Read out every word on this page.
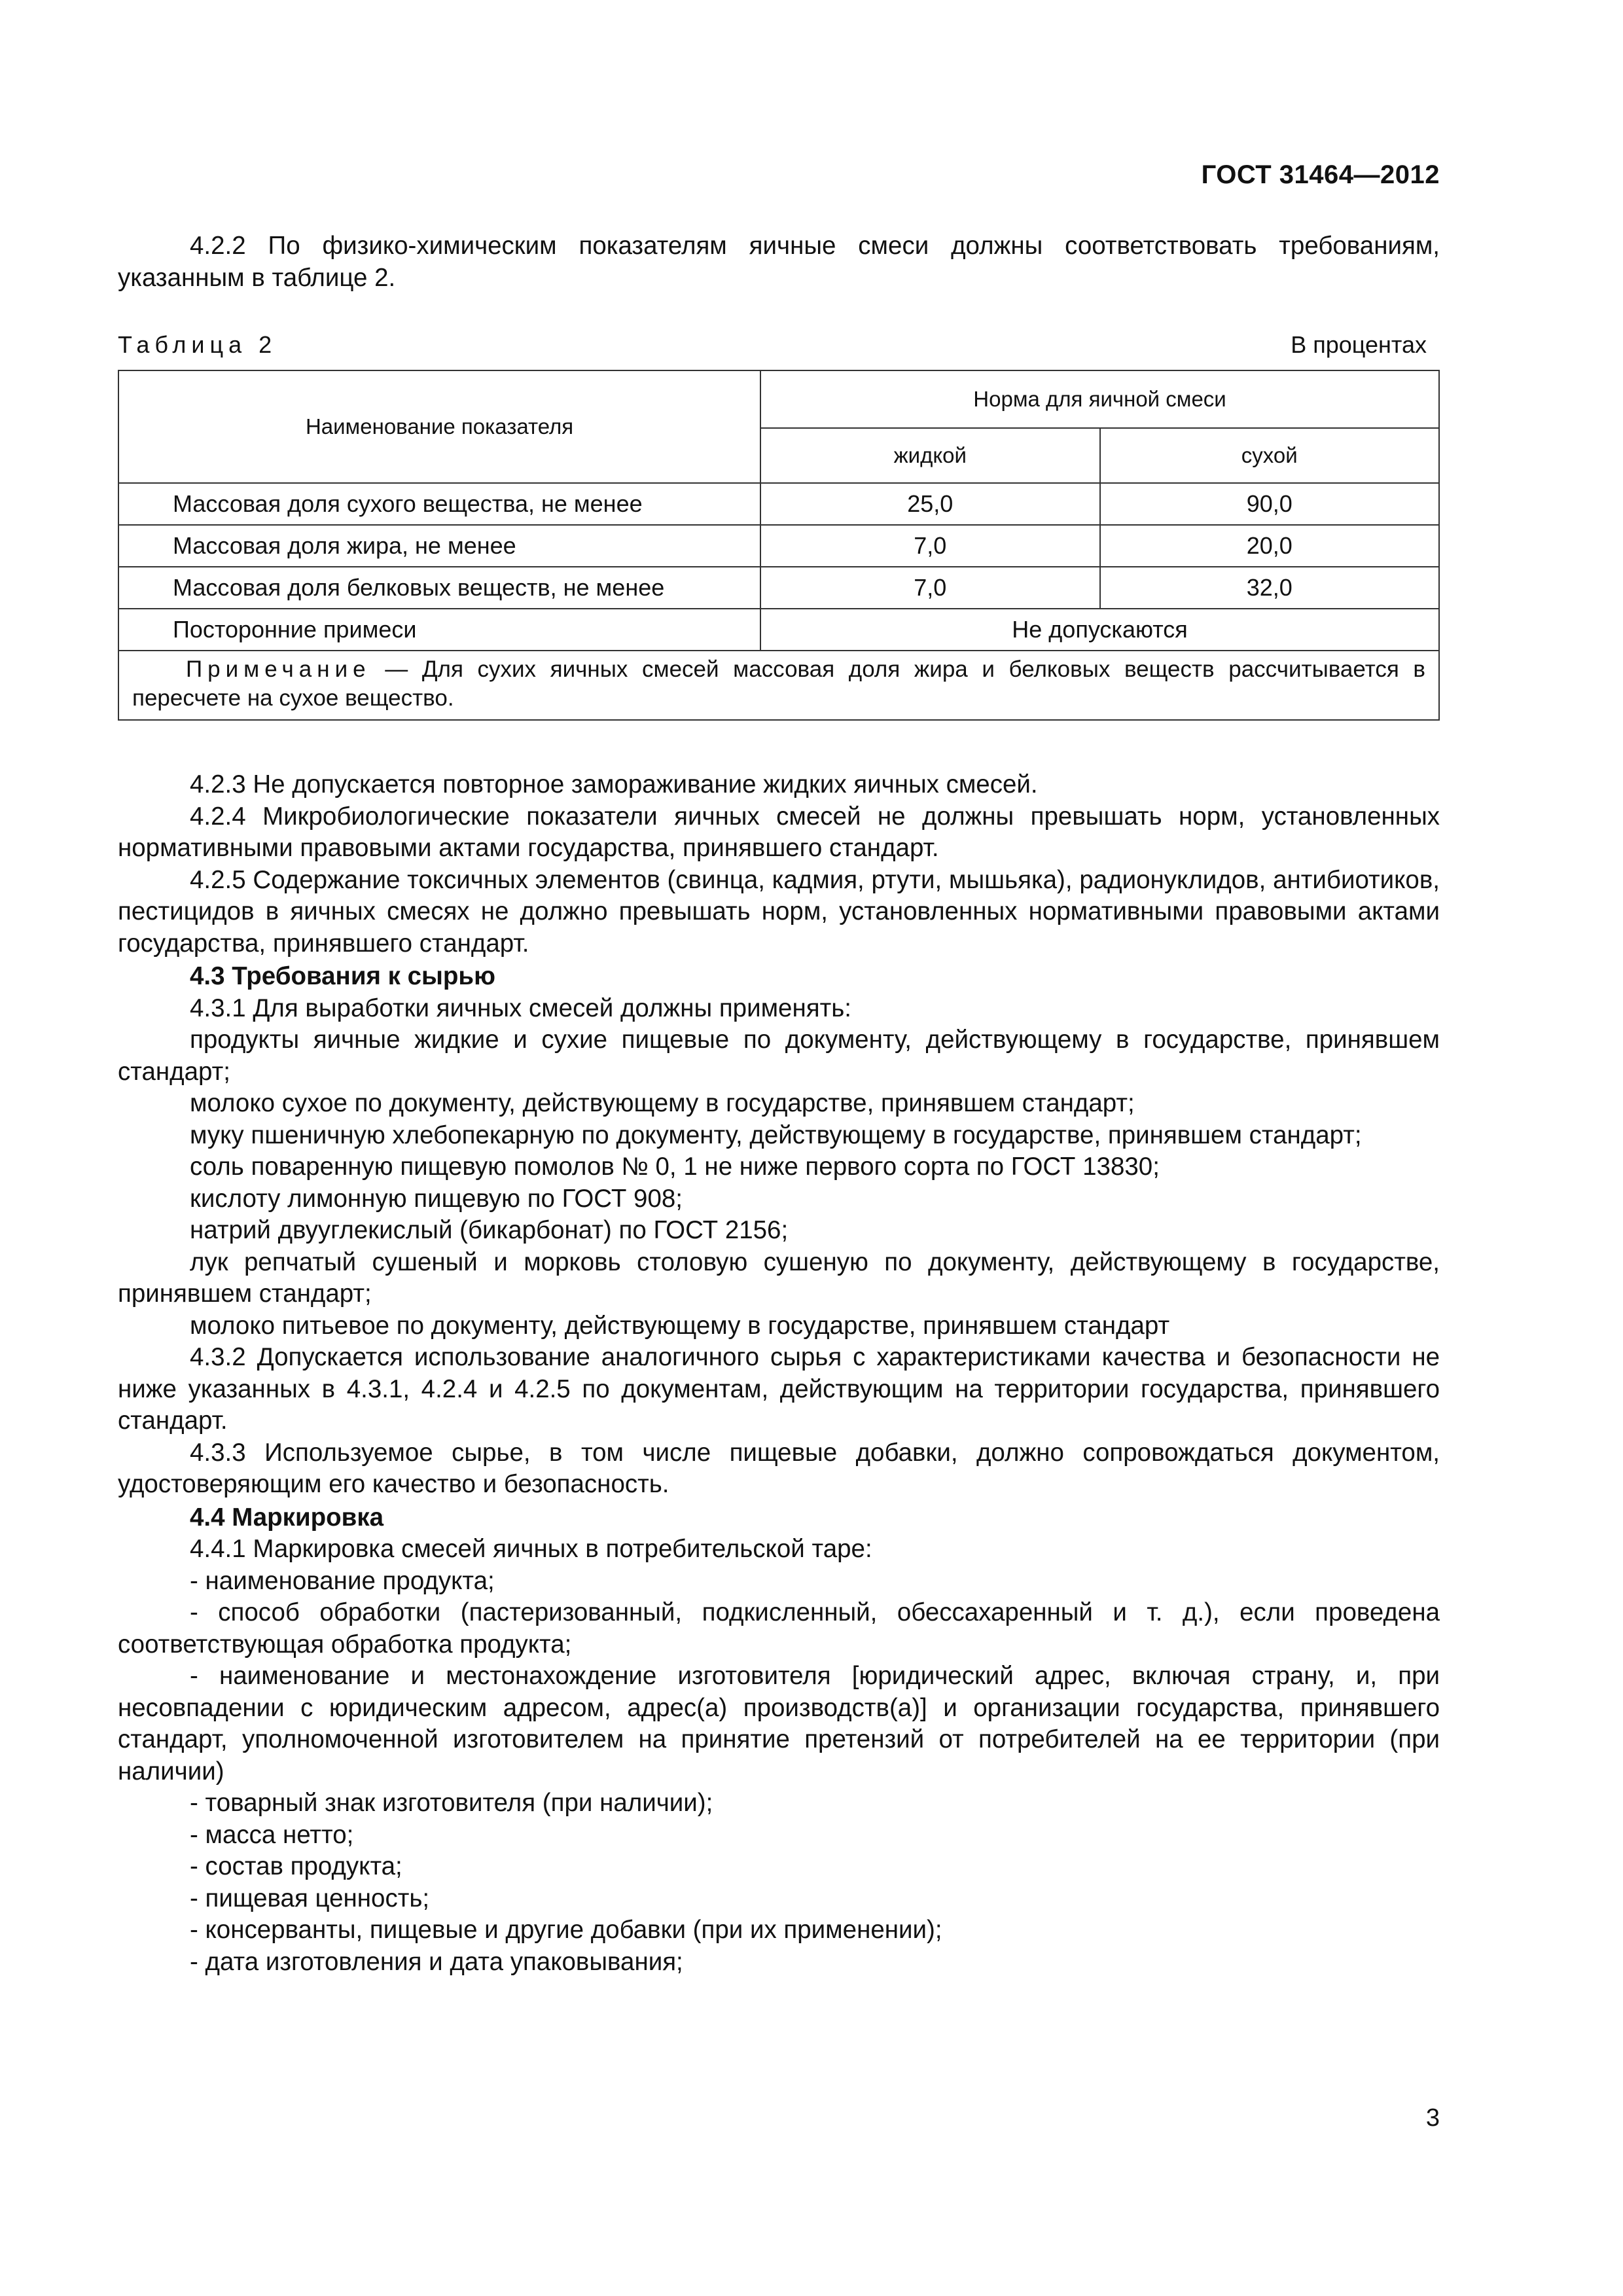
ГОСТ 31464—2012

4.2.2 По физико-химическим показателям яичные смеси должны соответствовать требованиям, указанным в таблице 2.

Таблица 2	В процентах
Наименование показателя	Норма для яичной смеси	
	жидкой	сухой
Массовая доля сухого вещества, не менее	25,0	90,0
Массовая доля жира, не менее	7,0	20,0
Массовая доля белковых веществ, не менее	7,0	32,0
Посторонние примеси	Не допускаются	

Примечание — Для сухих яичных смесей массовая доля жира и белковых веществ рассчитывается в пересчете на сухое вещество.		

4.2.3 Не допускается повторное замораживание жидких яичных смесей.

4.2.4 Микробиологические показатели яичных смесей не должны превышать норм, установленных нормативными правовыми актами государства, принявшего стандарт.

4.2.5 Содержание токсичных элементов (свинца, кадмия, ртути, мышьяка), радионуклидов, антибиотиков, пестицидов в яичных смесях не должно превышать норм, установленных нормативными правовыми актами государства, принявшего стандарт.

4.3 Требования к сырью

4.3.1 Для выработки яичных смесей должны применять:

продукты яичные жидкие и сухие пищевые по документу, действующему в государстве, принявшем стандарт;

молоко сухое по документу, действующему в государстве, принявшем стандарт;

муку пшеничную хлебопекарную по документу, действующему в государстве, принявшем стандарт;

соль поваренную пищевую помолов № 0, 1 не ниже первого сорта по ГОСТ 13830;

кислоту лимонную пищевую по ГОСТ 908;

натрий двууглекислый (бикарбонат) по ГОСТ 2156;

лук репчатый сушеный и морковь столовую сушеную по документу, действующему в государстве, принявшем стандарт;

молоко питьевое по документу, действующему в государстве, принявшем стандарт

4.3.2 Допускается использование аналогичного сырья с характеристиками качества и безопасности не ниже указанных в 4.3.1, 4.2.4 и 4.2.5 по документам, действующим на территории государства, принявшего стандарт.

4.3.3 Используемое сырье, в том числе пищевые добавки, должно сопровождаться документом, удостоверяющим его качество и безопасность.

4.4 Маркировка

4.4.1 Маркировка смесей яичных в потребительской таре:

- наименование продукта;

- способ обработки (пастеризованный, подкисленный, обессахаренный и т. д.), если проведена соответствующая обработка продукта;

- наименование и местонахождение изготовителя [юридический адрес, включая страну, и, при несовпадении с юридическим адресом, адрес(а) производств(а)] и организации государства, принявшего стандарт, уполномоченной изготовителем на принятие претензий от потребителей на ее территории (при наличии)

- товарный знак изготовителя (при наличии);

- масса нетто;

- состав продукта;

- пищевая ценность;

- консерванты, пищевые и другие добавки (при их применении);

- дата изготовления и дата упаковывания;

3
